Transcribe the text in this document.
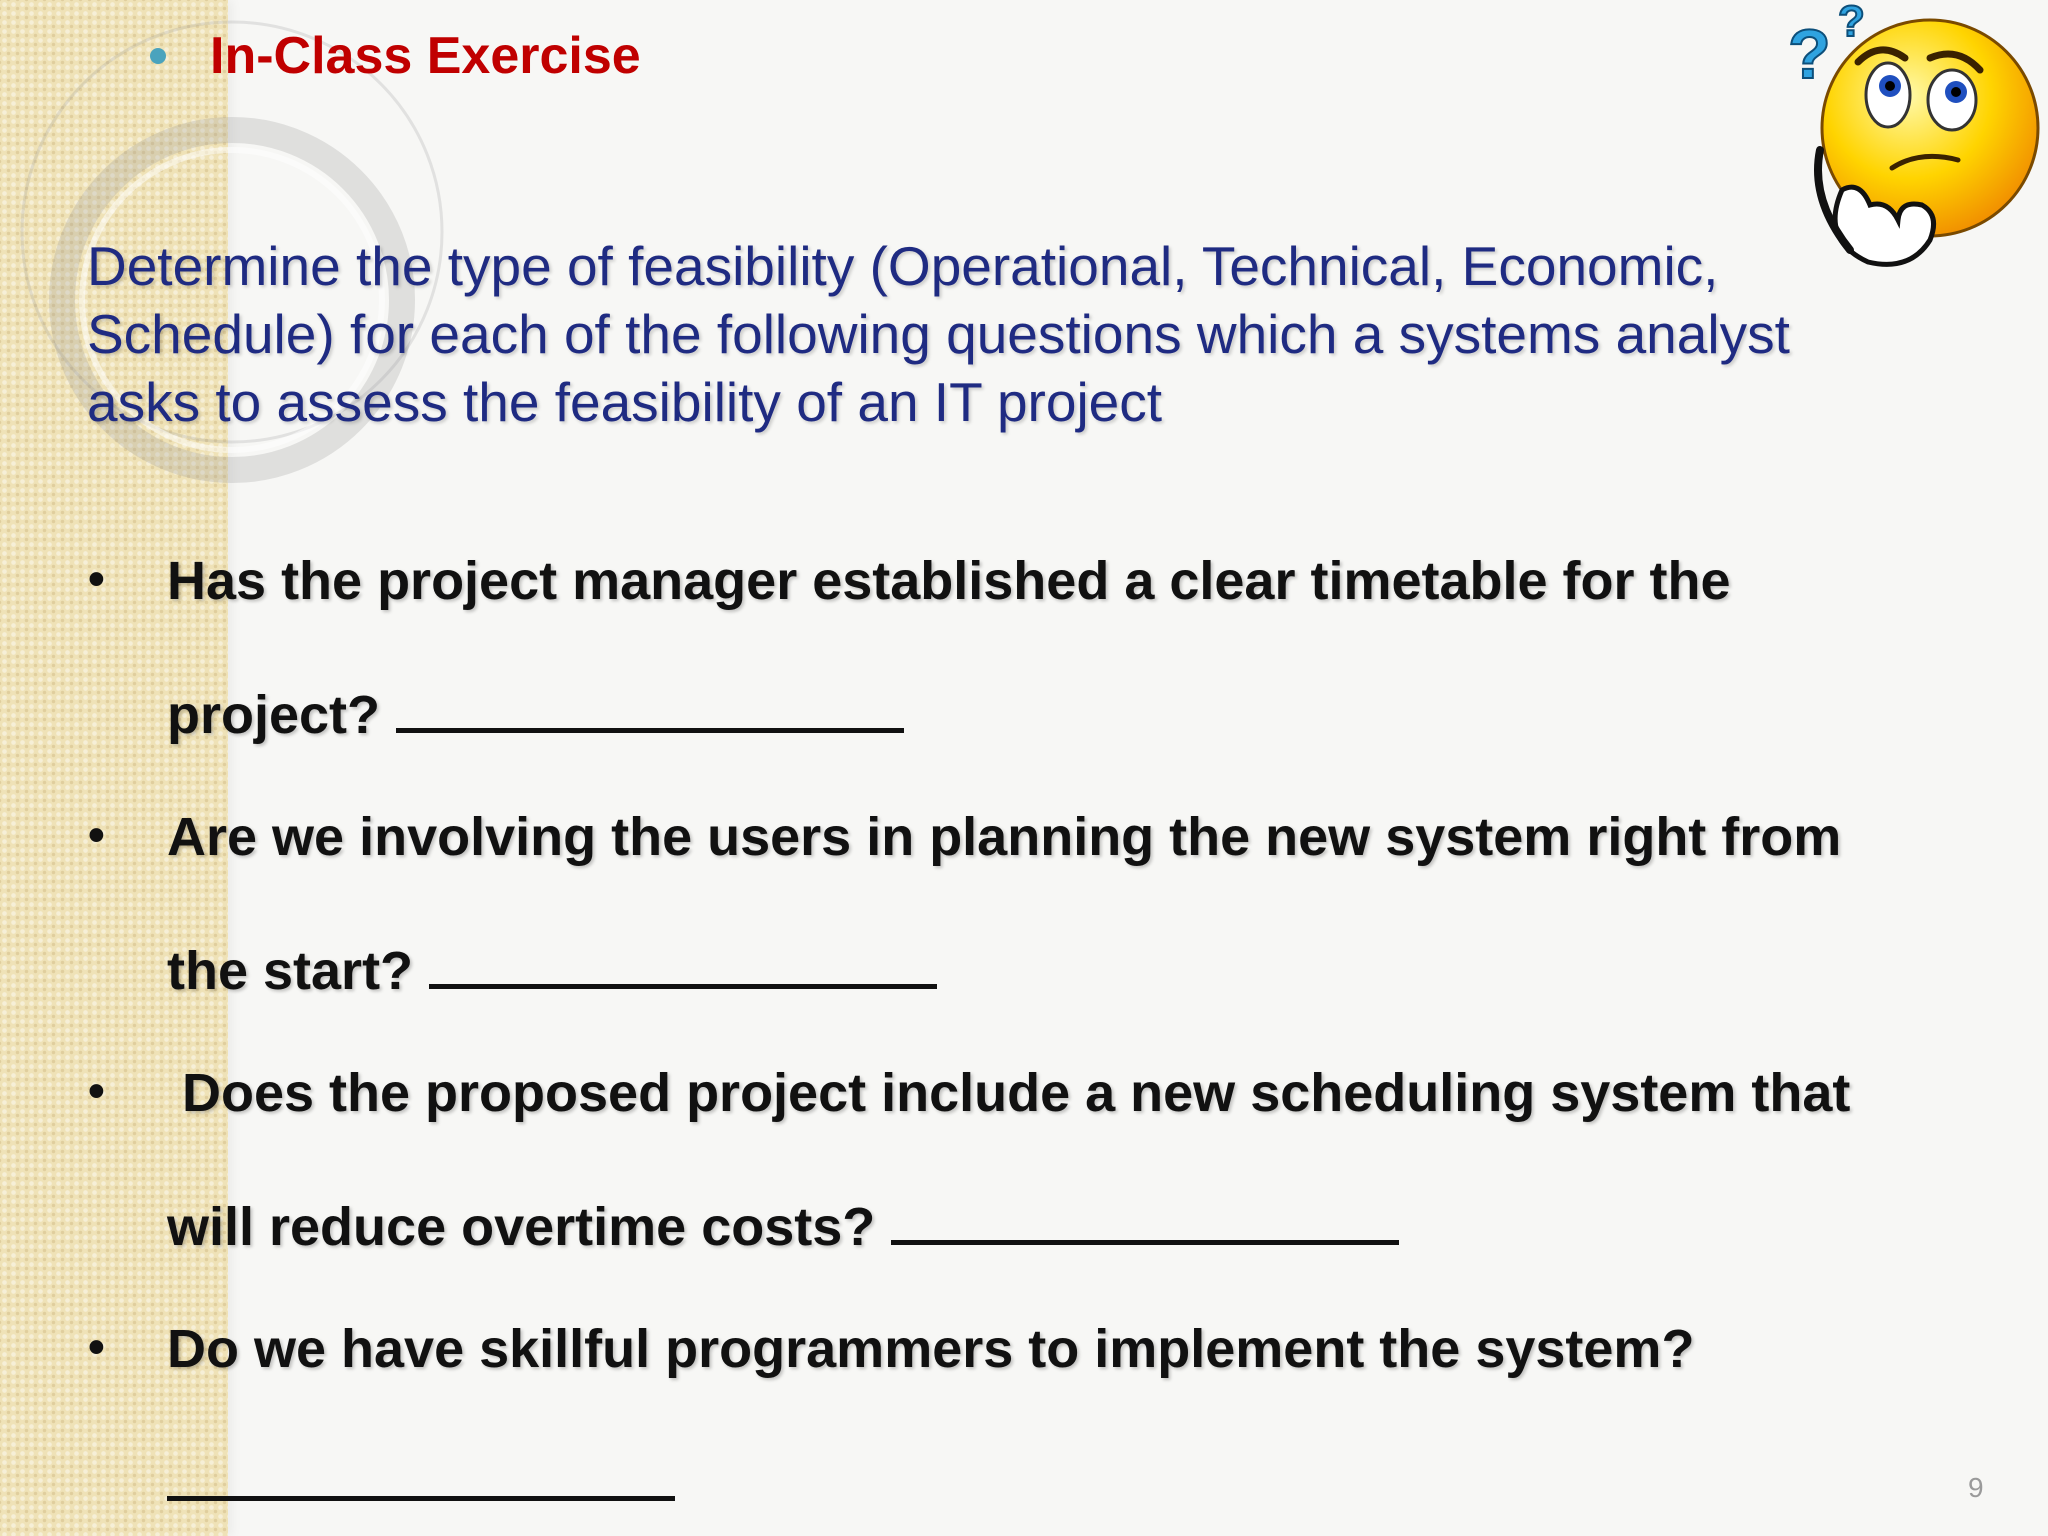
In-Class Exercise
Determine the type of feasibility (Operational, Technical, Economic, Schedule) for each of the following questions which a systems analyst asks to assess the feasibility of an IT project
• Has the project manager established a clear timetable for the
project?
• Are we involving the users in planning the new system right from
the start?
• Does the proposed project include a new scheduling system that
will reduce overtime costs?
• Do we have skillful programmers to implement the system?
9
? ?
